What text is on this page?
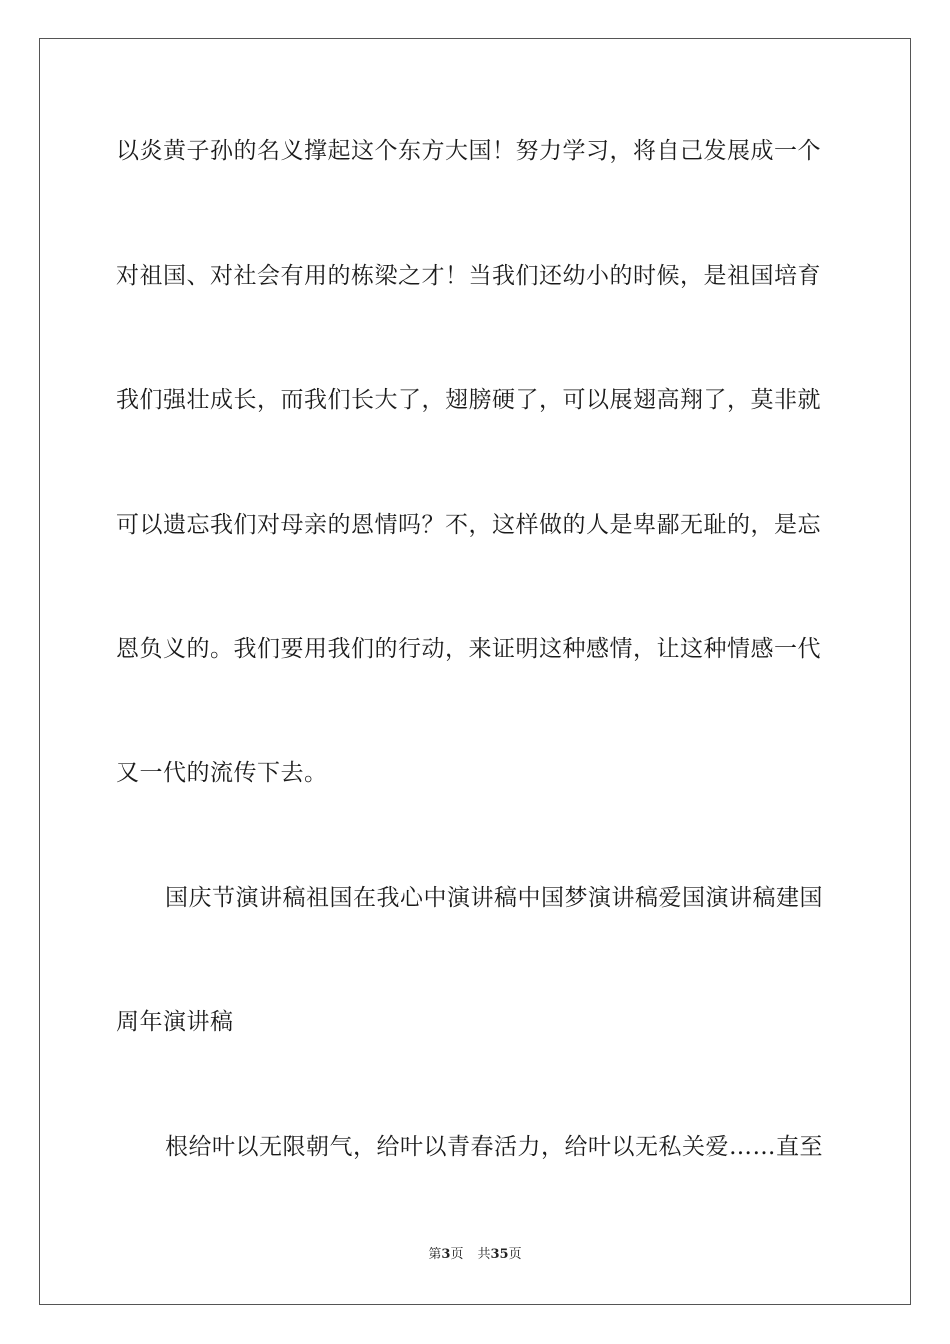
以炎黄子孙的名义撑起这个东方大国！努力学习，将自己发展成一个
对祖国、对社会有用的栋梁之才！当我们还幼小的时候，是祖国培育
我们强壮成长，而我们长大了，翅膀硬了，可以展翅高翔了，莫非就
可以遗忘我们对母亲的恩情吗？不，这样做的人是卑鄙无耻的，是忘
恩负义的。我们要用我们的行动，来证明这种感情，让这种情感一代
又一代的流传下去。
国庆节演讲稿祖国在我心中演讲稿中国梦演讲稿爱国演讲稿建国
周年演讲稿
根给叶以无限朝气，给叶以青春活力，给叶以无私关爱……直至
第3页 共35页
